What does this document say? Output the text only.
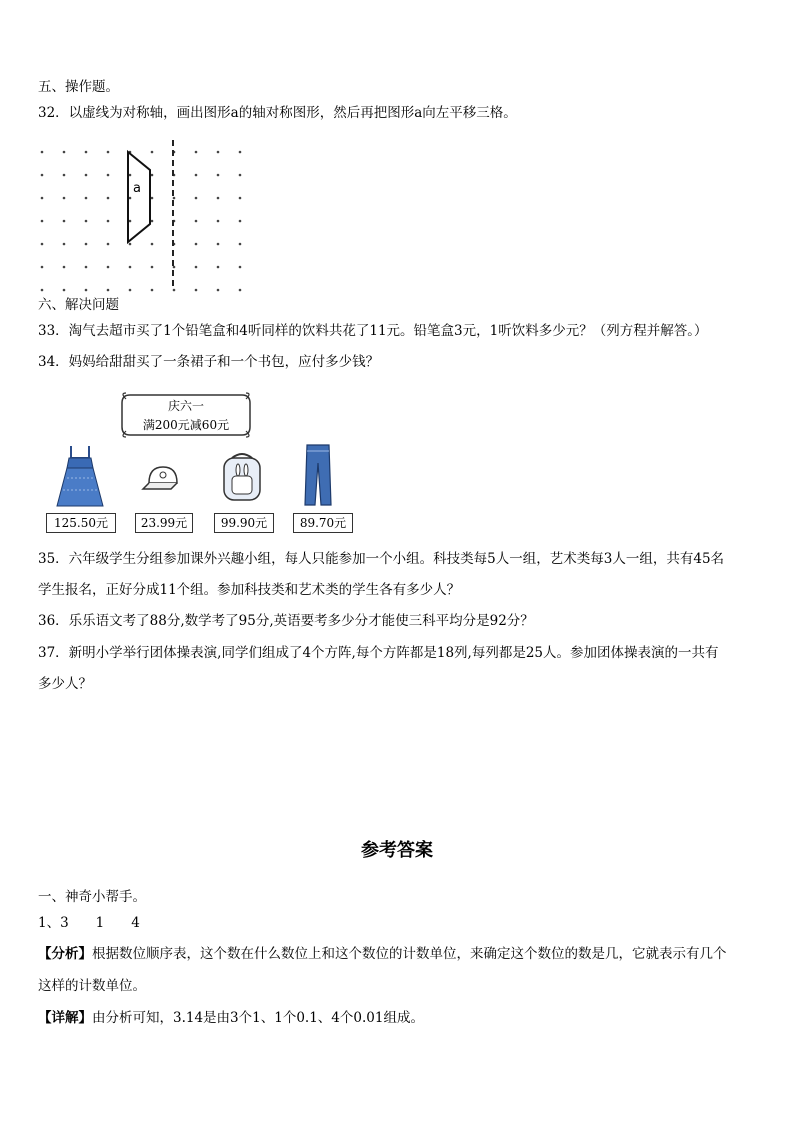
五、操作题。
32．以虚线为对称轴，画出图形a的轴对称图形，然后再把图形a向左平移三格。
a
六、解决问题
33．淘气去超市买了1个铅笔盒和4听同样的饮料共花了11元。铅笔盒3元，1听饮料多少元？（列方程并解答。）
34．妈妈给甜甜买了一条裙子和一个书包，应付多少钱？
庆六一
满200元减60元
125.50元	23.99元	99.90元	89.70元
35．六年级学生分组参加课外兴趣小组，每人只能参加一个小组。科技类每5人一组，艺术类每3人一组，共有45名
学生报名，正好分成11个组。参加科技类和艺术类的学生各有多少人？
36．乐乐语文考了88分,数学考了95分,英语要考多少分才能使三科平均分是92分？
37．新明小学举行团体操表演,同学们组成了4个方阵,每个方阵都是18列,每列都是25人。参加团体操表演的一共有
多少人？
参考答案
一、神奇小帮手。
1、3　　1　　4
【分析】根据数位顺序表，这个数在什么数位上和这个数位的计数单位，来确定这个数位的数是几，它就表示有几个
这样的计数单位。
【详解】由分析可知，3.14是由3个1、1个0.1、4个0.01组成。
